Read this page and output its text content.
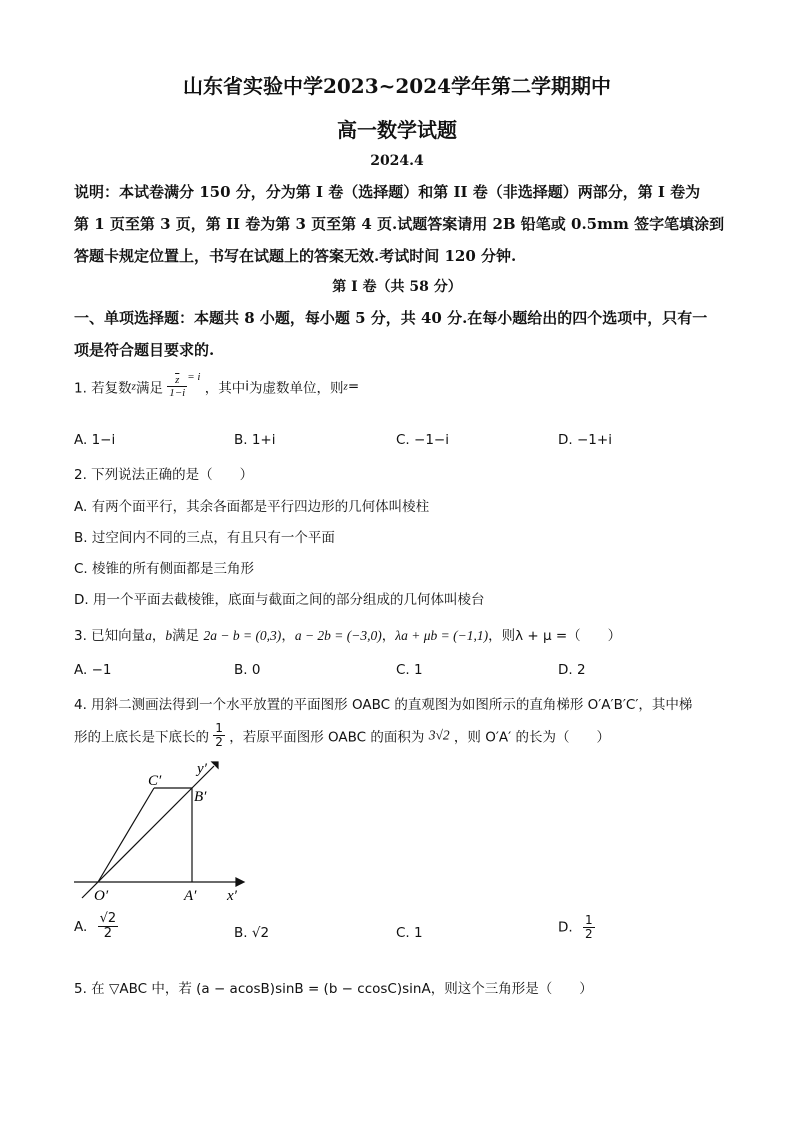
山东省实验中学2023~2024学年第二学期期中
高一数学试题
2024.4
说明：本试卷满分 150 分，分为第 I 卷（选择题）和第 II 卷（非选择题）两部分，第 I 卷为
第 1 页至第 3 页，第 II 卷为第 3 页至第 4 页.试题答案请用 2B 铅笔或 0.5mm 签字笔填涂到
答题卡规定位置上，书写在试题上的答案无效.考试时间 120 分钟.
第 I 卷（共 58 分）
一、单项选择题：本题共 8 小题，每小题 5 分，共 40 分.在每小题给出的四个选项中，只有一
项是符合题目要求的.
1. 若复数z满足 $\frac{\overline{z}}{1-i} ^{= i}$ ，其中i为虚数单位，则z=
A. 1−i	B. 1+i	C. −1−i	D. −1+i
2. 下列说法正确的是（　　）
A. 有两个面平行，其余各面都是平行四边形的几何体叫棱柱
B. 过空间内不同的三点，有且只有一个平面
C. 棱锥的所有侧面都是三角形
D. 用一个平面去截棱锥，底面与截面之间的部分组成的几何体叫棱台
3. 已知向量a，b满足 2a − b = (0,3)，a − 2b = (−3,0)，λa + μb = (−1,1)，则λ + μ =（　　）
A. −1	B. 0	C. 1	D. 2
4. 用斜二测画法得到一个水平放置的平面图形 OABC 的直观图为如图所示的直角梯形 O′A′B′C′，其中梯
形的上底长是下底长的 $\frac{1}{2}$ ，若原平面图形 OABC 的面积为 3√2 ，则 O′A′ 的长为（　　）
C′
y′
B′
O′	A′ x′
A. $\frac{√2}{2}$	B. √2	C. 1	D. $\frac{1}{2}$
5. 在 ▽ABC 中，若 (a − acosB)sinB = (b − ccosC)sinA，则这个三角形是（　　）
